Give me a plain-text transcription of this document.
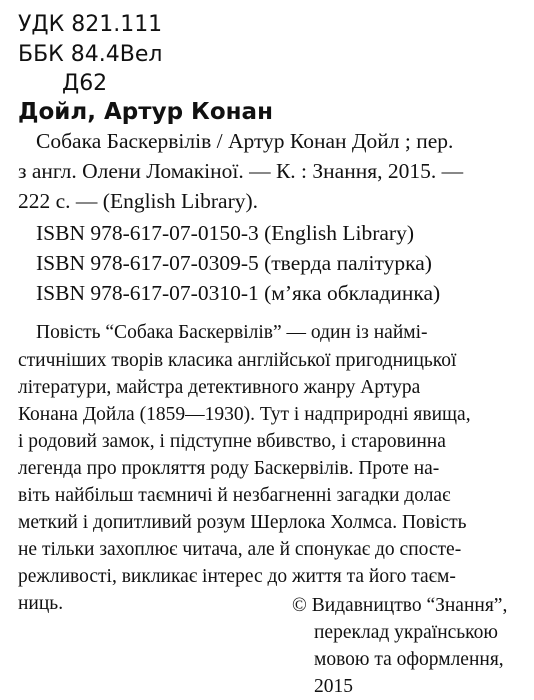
УДК 821.111
ББК 84.4Вел
Д62
Дойл, Артур Конан
Собака Баскервілів / Артур Конан Дойл ; пер.
з англ. Олени Ломакіної. — К. : Знання, 2015. —
222 с. — (English Library).
ISBN 978-617-07-0150-3 (English Library)
ISBN 978-617-07-0309-5 (тверда палітурка)
ISBN 978-617-07-0310-1 (м’яка обкладинка)
Повість “Собака Баскервілів” — один із наймі-
стичніших творів класика англійської пригодницької
літератури, майстра детективного жанру Артура
Конана Дойла (1859—1930). Тут і надприродні явища,
і родовий замок, і підступне вбивство, і старовинна
легенда про прокляття роду Баскервілів. Проте на-
віть найбільш таємничі й незбагненні загадки долає
меткий і допитливий розум Шерлока Холмса. Повість
не тільки захоплює читача, але й спонукає до спосте-
режливості, викликає інтерес до життя та його таєм-
ниць.	© Видавництво “Знання”,
переклад українською
мовою та оформлення,
2015
